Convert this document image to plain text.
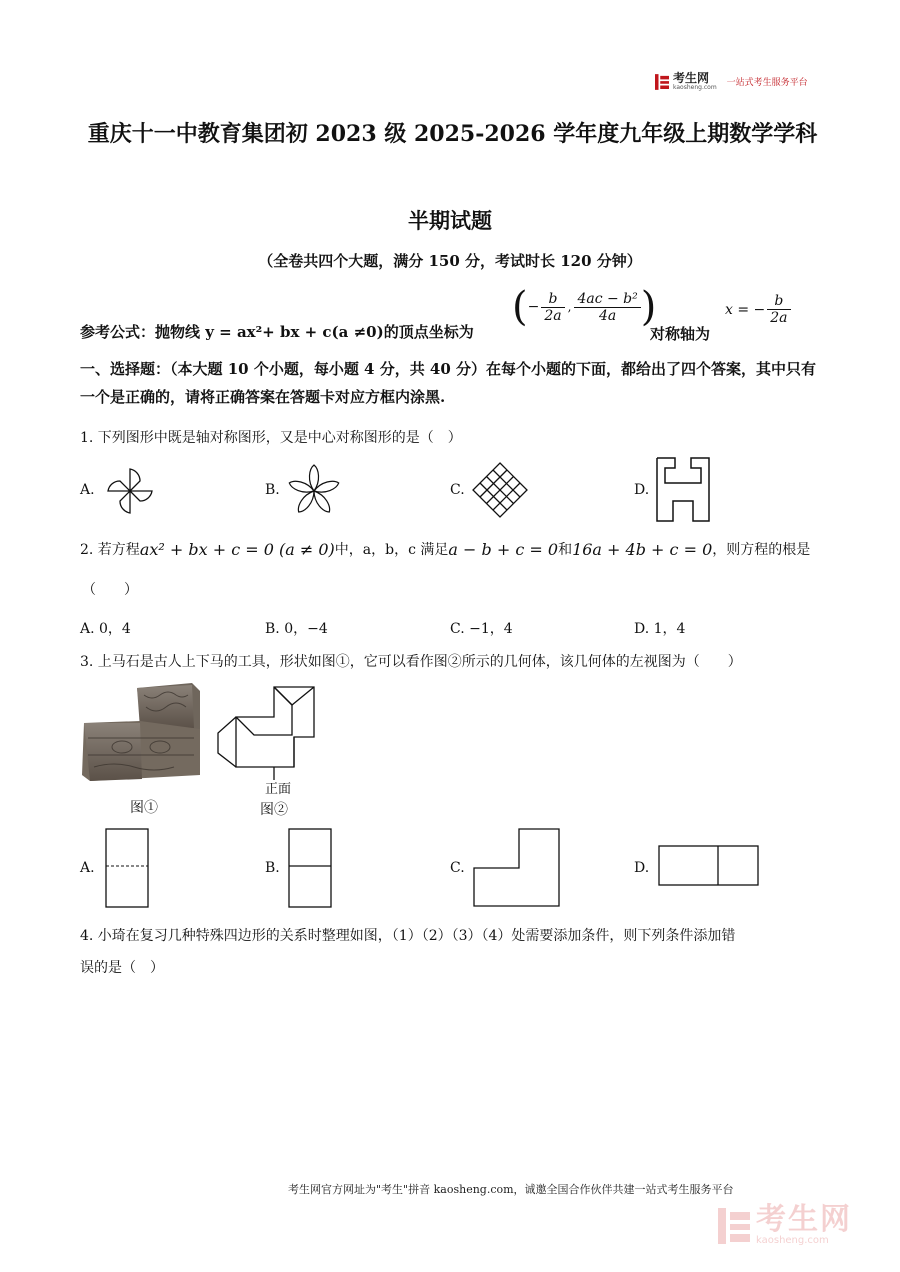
考生网
kaosheng.com 一站式考生服务平台
重庆十一中教育集团初 2023 级 2025-2026 学年度九年级上期数学学科
半期试题
（全卷共四个大题，满分 150 分，考试时长 120 分钟）
参考公式：抛物线 y = ax²+ bx + c(a ≠0)的顶点坐标为
( − $\frac{b}{2a}$ , $\frac{\text{4ac − b²}}{4a}$ )
对称轴为
x = − $\frac{b}{2a}$
一、选择题：（本大题 10 个小题，每小题 4 分，共 40 分）在每个小题的下面，都给出了四个答案，其中只有一个是正确的，请将正确答案在答题卡对应方框内涂黑.
1. 下列图形中既是轴对称图形，又是中心对称图形的是（　）
A.	B.	C.	D.
2. 若方程 ax² + bx + c = 0 (a ≠ 0) 中，a，b，c 满足 a − b + c = 0 和 16a + 4b + c = 0 ，则方程的根是
（　　）
A. 0，4	B. 0，−4	C. −1，4	D. 1，4
3. 上马石是古人上下马的工具，形状如图①，它可以看作图②所示的几何体，该几何体的左视图为（　　）
图①
正面
图②
A.	B.	C.	D.
4. 小琦在复习几种特殊四边形的关系时整理如图，（1）（2）（3）（4）处需要添加条件，则下列条件添加错
误的是（　）
考生网官方网址为"考生"拼音 kaosheng.com，诚邀全国合作伙伴共建一站式考生服务平台
考生网
kaosheng.com
